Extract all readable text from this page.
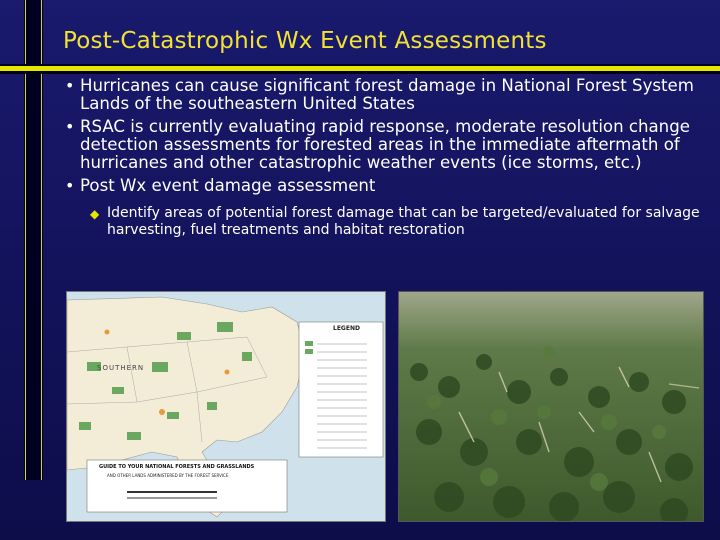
Post-Catastrophic Wx Event Assessments
• Hurricanes can cause significant forest damage in National Forest System Lands of the southeastern United States
• RSAC is currently evaluating rapid response, moderate resolution change detection assessments for forested areas in the immediate aftermath of hurricanes and other catastrophic weather events (ice storms, etc.)
• Post Wx event damage assessment
◆ Identify areas of potential forest damage that can be targeted/evaluated for salvage harvesting, fuel treatments and habitat restoration
LEGEND
SOUTHERN
GUIDE TO YOUR NATIONAL FORESTS AND GRASSLANDS
AND OTHER LANDS ADMINISTERED BY THE FOREST SERVICE
